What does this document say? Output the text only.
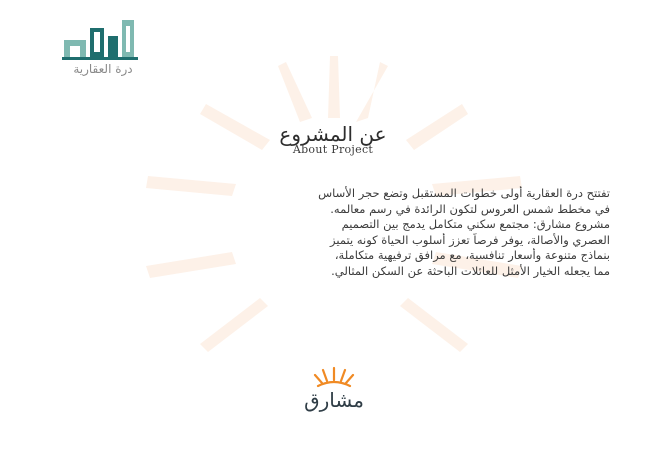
درة العقارية
عن المشروع
About Project

تفتتح درة العقارية أولى خطوات المستقبل وتضع حجر الأساس

في مخطط شمس العروس لتكون الرائدة في رسم معالمه.

مشروع مشارق: مجتمع سكني متكامل يدمج بين التصميم

العصري والأصالة، يوفر فرصاً تعزز أسلوب الحياة كونه يتميز

بنماذج متنوعة وأسعار تنافسية، مع مرافق ترفيهية متكاملة،

مما يجعله الخيار الأمثل للعائلات الباحثة عن السكن المثالي.

مشارق
